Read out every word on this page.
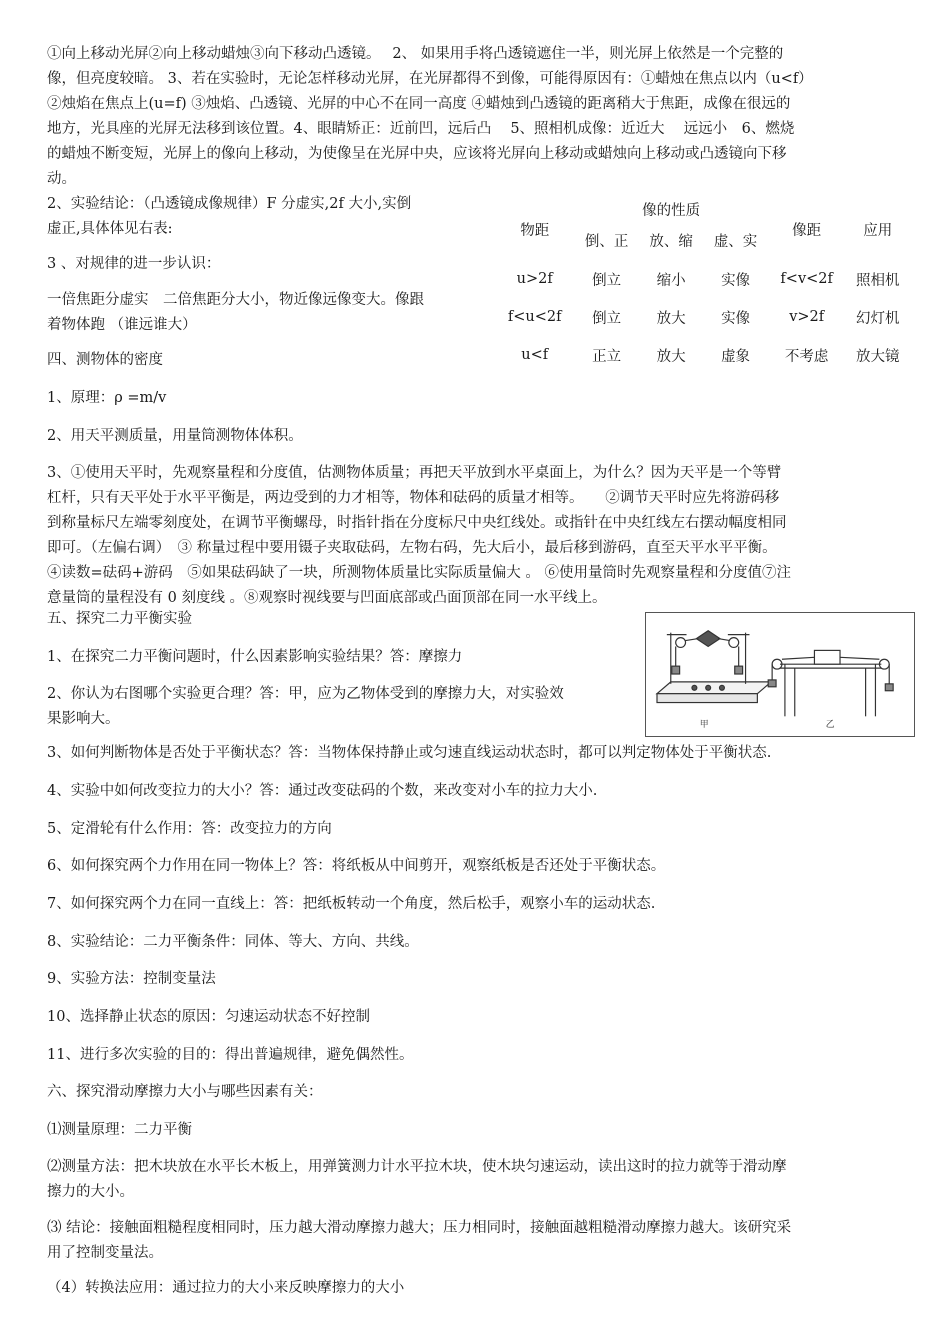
①向上移动光屏②向上移动蜡烛③向下移动凸透镜。　 2、 如果用手将凸透镜遮住一半，则光屏上依然是一个完整的
像，但亮度较暗。 3、若在实验时，无论怎样移动光屏，在光屏都得不到像，可能得原因有：①蜡烛在焦点以内（u<f）
②烛焰在焦点上(u=f) ③烛焰、凸透镜、光屏的中心不在同一高度 ④蜡烛到凸透镜的距离稍大于焦距，成像在很远的
地方，光具座的光屏无法移到该位置。4、眼睛矫正：近前凹，远后凸　 5、照相机成像：近近大　 远远小　6、燃烧
的蜡烛不断变短，光屏上的像向上移动，为使像呈在光屏中央，应该将光屏向上移动或蜡烛向上移动或凸透镜向下移
动。
2、实验结论：（凸透镜成像规律）F 分虚实,2f 大小,实倒
虚正,具体体见右表:
3 、对规律的进一步认识：
一倍焦距分虚实　二倍焦距分大小，物近像远像变大。像跟
着物体跑 （谁远谁大）
物距	像的性质			像距	应用
	倒、正	放、缩	虚、实		
u>2f	倒立	缩小	实像	f<v<2f	照相机
f<u<2f	倒立	放大	实像	v>2f	幻灯机
u<f	正立	放大	虚象	不考虑	放大镜
四、测物体的密度
1、原理：ρ =m/v
2、用天平测质量，用量筒测物体体积。
3、①使用天平时，先观察量程和分度值，估测物体质量；再把天平放到水平桌面上，为什么？因为天平是一个等臂
杠杆，只有天平处于水平平衡是，两边受到的力才相等，物体和砝码的质量才相等。　　②调节天平时应先将游码移
到称量标尺左端零刻度处，在调节平衡螺母，时指针指在分度标尺中央红线处。或指针在中央红线左右摆动幅度相同
即可。（左偏右调）　③ 称量过程中要用镊子夹取砝码，左物右码，先大后小，最后移到游码，直至天平水平平衡。
④读数=砝码+游码　⑤如果砝码缺了一块，所测物体质量比实际质量偏大 。 ⑥使用量筒时先观察量程和分度值⑦注
意量筒的量程没有 0 刻度线 。⑧观察时视线要与凹面底部或凸面顶部在同一水平线上。
五、探究二力平衡实验
1、在探究二力平衡问题时，什么因素影响实验结果？答：摩擦力
2、你认为右图哪个实验更合理？答：甲，应为乙物体受到的摩擦力大，对实验效
果影响大。	甲	乙
3、如何判断物体是否处于平衡状态？答：当物体保持静止或匀速直线运动状态时，都可以判定物体处于平衡状态.
4、实验中如何改变拉力的大小？答：通过改变砝码的个数，来改变对小车的拉力大小.
5、定滑轮有什么作用：答：改变拉力的方向
6、如何探究两个力作用在同一物体上？答：将纸板从中间剪开，观察纸板是否还处于平衡状态。
7、如何探究两个力在同一直线上：答：把纸板转动一个角度，然后松手，观察小车的运动状态.
8、实验结论：二力平衡条件：同体、等大、方向、共线。
9、实验方法：控制变量法
10、选择静止状态的原因：匀速运动状态不好控制
11、进行多次实验的目的：得出普遍规律，避免偶然性。
六、探究滑动摩擦力大小与哪些因素有关：
⑴测量原理：二力平衡
⑵测量方法：把木块放在水平长木板上，用弹簧测力计水平拉木块，使木块匀速运动，读出这时的拉力就等于滑动摩
擦力的大小。
⑶ 结论：接触面粗糙程度相同时，压力越大滑动摩擦力越大；压力相同时，接触面越粗糙滑动摩擦力越大。该研究采
用了控制变量法。
（4）转换法应用：通过拉力的大小来反映摩擦力的大小
